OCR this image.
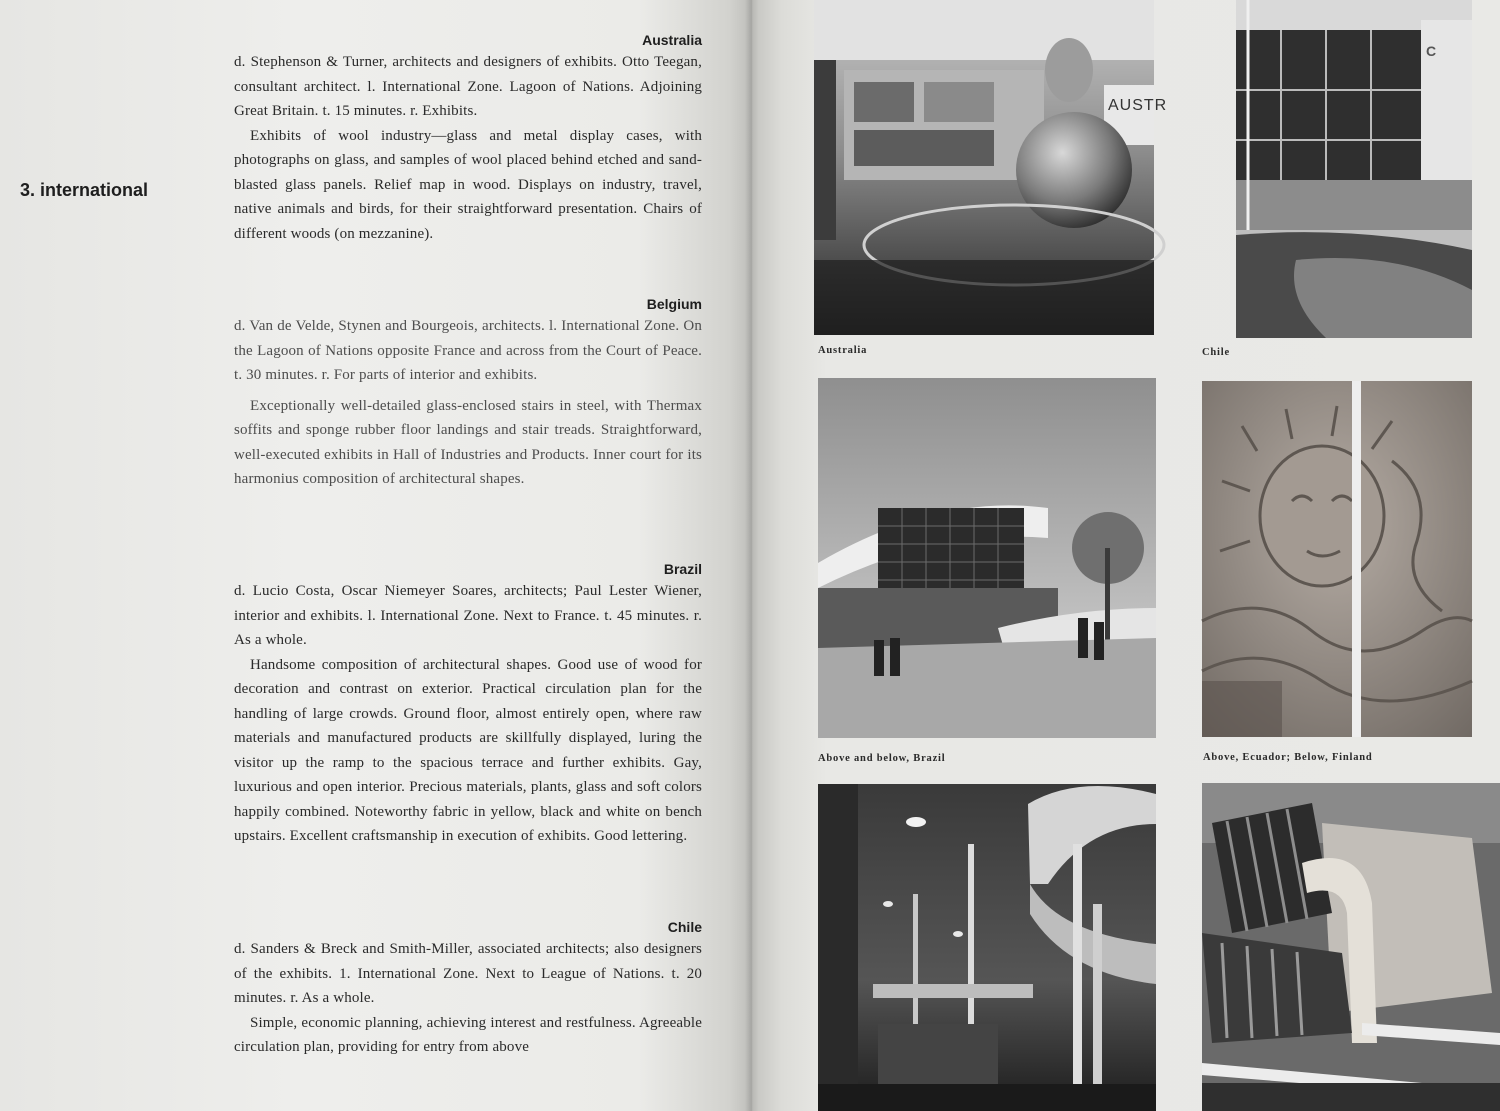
3. international
Australia

d. Stephenson & Turner, architects and designers of exhibits. Otto Teegan, consultant architect. l. International Zone. Lagoon of Nations. Adjoining Great Britain. t. 15 minutes. r. Exhibits.

Exhibits of wool industry—glass and metal display cases, with photographs on glass, and samples of wool placed behind etched and sand-blasted glass panels. Relief map in wood. Displays on industry, travel, native animals and birds, for their straightforward presentation. Chairs of different woods (on mezzanine).

Belgium

d. Van de Velde, Stynen and Bourgeois, architects. l. International Zone. On the Lagoon of Nations opposite France and across from the Court of Peace. t. 30 minutes. r. For parts of interior and exhibits.

Exceptionally well-detailed glass-enclosed stairs in steel, with Thermax soffits and sponge rubber floor landings and stair treads. Straightforward, well-executed exhibits in Hall of Industries and Products. Inner court for its harmonius composition of architectural shapes.

Brazil

d. Lucio Costa, Oscar Niemeyer Soares, architects; Paul Lester Wiener, interior and exhibits. l. International Zone. Next to France. t. 45 minutes. r. As a whole.

Handsome composition of architectural shapes. Good use of wood for decoration and contrast on exterior. Practical circulation plan for the handling of large crowds. Ground floor, almost entirely open, where raw materials and manufactured products are skillfully displayed, luring the visitor up the ramp to the spacious terrace and further exhibits. Gay, luxurious and open interior. Precious materials, plants, glass and soft colors happily combined. Noteworthy fabric in yellow, black and white on bench upstairs. Excellent craftsmanship in execution of exhibits. Good lettering.

Chile

d. Sanders & Breck and Smith-Miller, associated architects; also designers of the exhibits. 1. International Zone. Next to League of Nations. t. 20 minutes. r. As a whole.

Simple, economic planning, achieving interest and restfulness. Agreeable circulation plan, providing for entry from above

AUSTR
Australia
C
Chile
Above and below, Brazil	Above, Ecuador; Below, Finland
